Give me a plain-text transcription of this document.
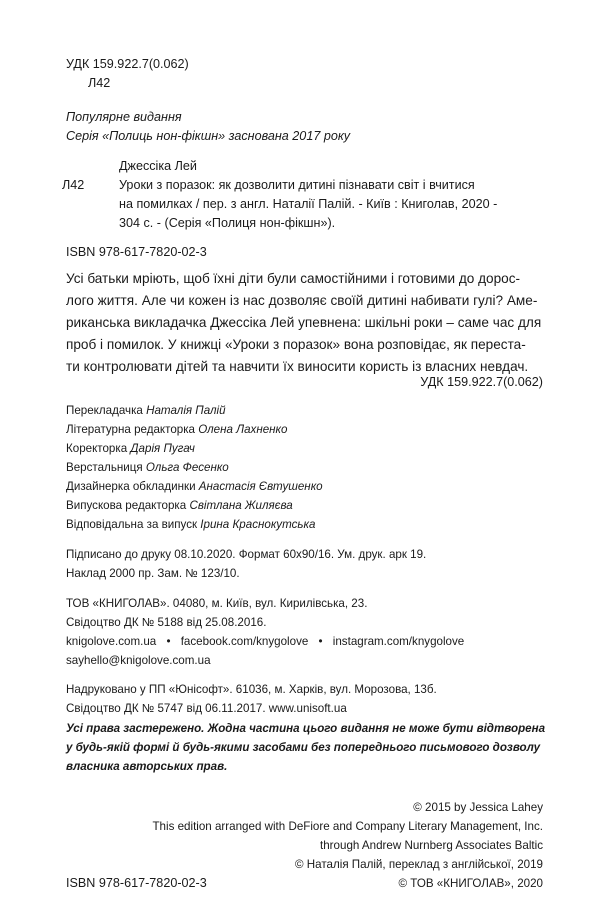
УДК 159.922.7(0.062)
Л42
Популярне видання
Серія «Полиць нон-фікшн» заснована 2017 року
Джессіка Лей
Л42	Уроки з поразок: як дозволити дитині пізнавати світ і вчитися
на помилках / пер. з англ. Наталії Палій. - Київ : Книголав, 2020 -
304 с. - (Серія «Полиця нон-фікшн»).
ISBN 978-617-7820-02-3
Усі батьки мріють, щоб їхні діти були самостійними і готовими до дорос-
лого життя. Але чи кожен із нас дозволяє своїй дитині набивати гулі? Аме-
риканська викладачка Джессіка Лей упевнена: шкільні роки – саме час для
проб і помилок. У книжці «Уроки з поразок» вона розповідає, як переста-
ти контролювати дітей та навчити їх виносити користь із власних невдач.
УДК 159.922.7(0.062)
Перекладачка Наталія Палій
Літературна редакторка Олена Лахненко
Коректорка Дарія Пугач
Верстальниця Ольга Фесенко
Дизайнерка обкладинки Анастасія Євтушенко
Випускова редакторка Світлана Жиляєва
Відповідальна за випуск Ірина Краснокутська
Підписано до друку 08.10.2020. Формат 60x90/16. Ум. друк. арк 19.
Наклад 2000 пр. Зам. № 123/10.
ТОВ «КНИГОЛАВ». 04080, м. Київ, вул. Кирилівська, 23.
Свідоцтво ДК № 5188 від 25.08.2016.
knigolove.com.ua • facebook.com/knygolove • instagram.com/knygolove
sayhello@knigolove.com.ua
Надруковано у ПП «Юнісофт». 61036, м. Харків, вул. Морозова, 13б.
Свідоцтво ДК № 5747 від 06.11.2017. www.unisoft.ua
Усі права застережено. Жодна частина цього видання не може бути відтворена
у будь-якій формі й будь-якими засобами без попереднього письмового дозволу
власника авторських прав.
© 2015 by Jessica Lahey
This edition arranged with DeFiore and Company Literary Management, Inc.
through Andrew Nurnberg Associates Baltic
© Наталія Палій, переклад з англійської, 2019
ISBN 978-617-7820-02-3	© ТОВ «КНИГОЛАВ», 2020
